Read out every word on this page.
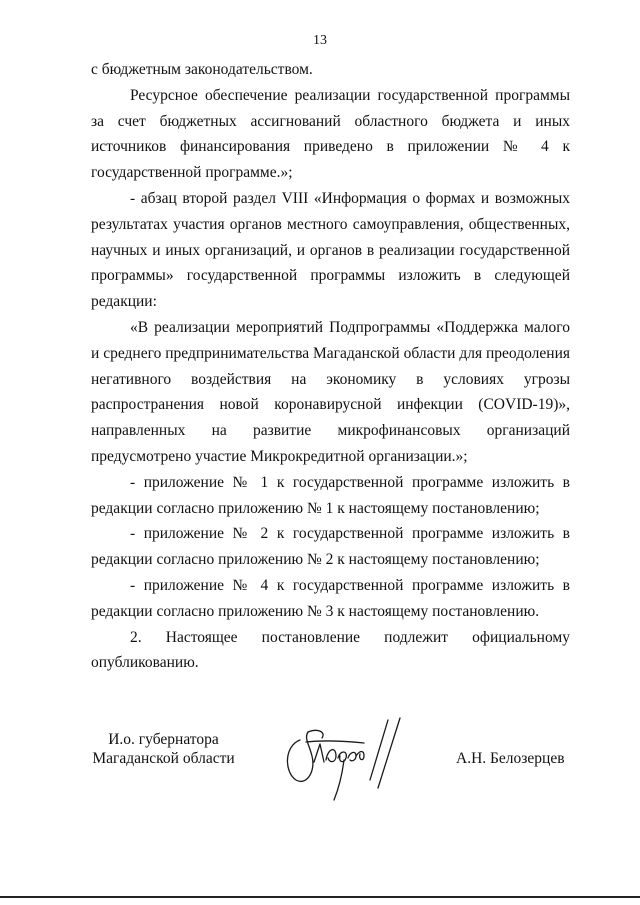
13

с бюджетным законодательством.

Ресурсное обеспечение реализации государственной программы за счет бюджетных ассигнований областного бюджета и иных источников финансирования приведено в приложении № 4 к государственной программе.»;

- абзац второй раздел VIII «Информация о формах и возможных результатах участия органов местного самоуправления, общественных, научных и иных организаций, и органов в реализации государственной программы» государственной программы изложить в следующей редакции:

«В реализации мероприятий Подпрограммы «Поддержка малого и среднего предпринимательства Магаданской области для преодоления негативного воздействия на экономику в условиях угрозы распространения новой коронавирусной инфекции (COVID-19)», направленных на развитие микрофинансовых организаций предусмотрено участие Микрокредитной организации.»;

- приложение № 1 к государственной программе изложить в редакции согласно приложению № 1 к настоящему постановлению;

- приложение № 2 к государственной программе изложить в редакции согласно приложению № 2 к настоящему постановлению;

- приложение № 4 к государственной программе изложить в редакции согласно приложению № 3 к настоящему постановлению.

2. Настоящее постановление подлежит официальному опубликованию.

И.о. губернатора
Магаданской области	А.Н. Белозерцев
